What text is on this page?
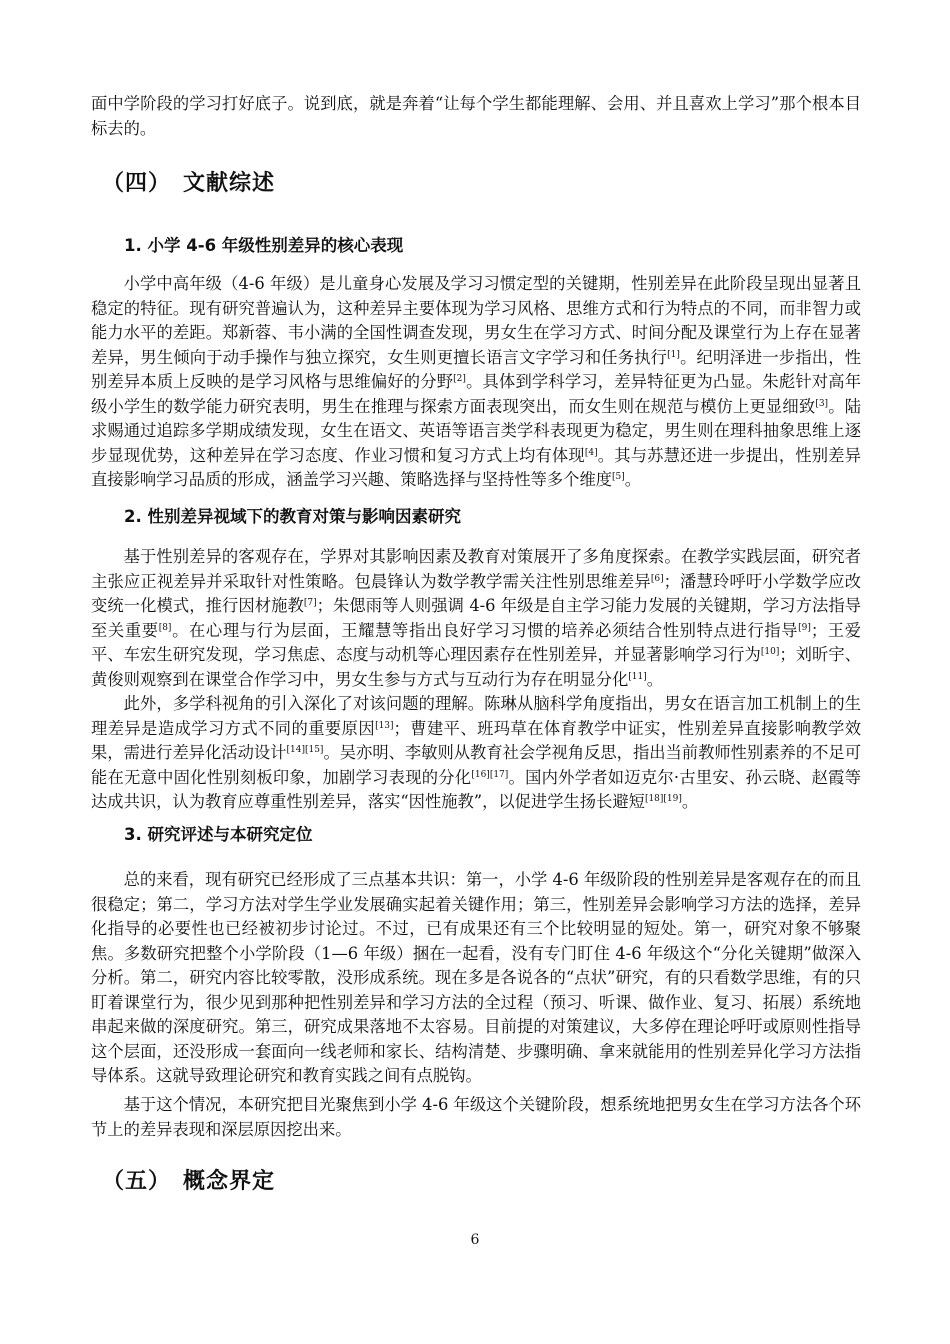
面中学阶段的学习打好底子。说到底，就是奔着“让每个学生都能理解、会用、并且喜欢上学习”那个根本目标去的。

（四） 文献综述
1. 小学 4-6 年级性别差异的核心表现

小学中高年级（4-6 年级）是儿童身心发展及学习习惯定型的关键期，性别差异在此阶段呈现出显著且稳定的特征。现有研究普遍认为，这种差异主要体现为学习风格、思维方式和行为特点的不同，而非智力或能力水平的差距。郑新蓉、韦小满的全国性调查发现，男女生在学习方式、时间分配及课堂行为上存在显著差异，男生倾向于动手操作与独立探究，女生则更擅长语言文字学习和任务执行[1]。纪明泽进一步指出，性别差异本质上反映的是学习风格与思维偏好的分野[2]。具体到学科学习，差异特征更为凸显。朱彪针对高年级小学生的数学能力研究表明，男生在推理与探索方面表现突出，而女生则在规范与模仿上更显细致[3]。陆求赐通过追踪多学期成绩发现，女生在语文、英语等语言类学科表现更为稳定，男生则在理科抽象思维上逐步显现优势，这种差异在学习态度、作业习惯和复习方式上均有体现[4]。其与苏慧还进一步提出，性别差异直接影响学习品质的形成，涵盖学习兴趣、策略选择与坚持性等多个维度[5]。

2. 性别差异视域下的教育对策与影响因素研究

基于性别差异的客观存在，学界对其影响因素及教育对策展开了多角度探索。在教学实践层面，研究者主张应正视差异并采取针对性策略。包晨锋认为数学教学需关注性别思维差异[6]；潘慧玲呼吁小学数学应改变统一化模式，推行因材施教[7]；朱偲雨等人则强调 4-6 年级是自主学习能力发展的关键期，学习方法指导至关重要[8]。在心理与行为层面，王耀慧等指出良好学习习惯的培养必须结合性别特点进行指导[9]；王爱平、车宏生研究发现，学习焦虑、态度与动机等心理因素存在性别差异，并显著影响学习行为[10]；刘昕宇、黄俊则观察到在课堂合作学习中，男女生参与方式与互动行为存在明显分化[11]。

此外，多学科视角的引入深化了对该问题的理解。陈琳从脑科学角度指出，男女在语言加工机制上的生理差异是造成学习方式不同的重要原因[13]；曹建平、班玛草在体育教学中证实，性别差异直接影响教学效果，需进行差异化活动设计[14][15]。吴亦明、李敏则从教育社会学视角反思，指出当前教师性别素养的不足可能在无意中固化性别刻板印象，加剧学习表现的分化[16][17]。国内外学者如迈克尔·古里安、孙云晓、赵霞等达成共识，认为教育应尊重性别差异，落实“因性施教”，以促进学生扬长避短[18][19]。

3. 研究评述与本研究定位

总的来看，现有研究已经形成了三点基本共识：第一，小学 4-6 年级阶段的性别差异是客观存在的而且很稳定；第二，学习方法对学生学业发展确实起着关键作用；第三，性别差异会影响学习方法的选择，差异化指导的必要性也已经被初步讨论过。不过，已有成果还有三个比较明显的短处。第一，研究对象不够聚焦。多数研究把整个小学阶段（1—6 年级）捆在一起看，没有专门盯住 4-6 年级这个“分化关键期”做深入分析。第二，研究内容比较零散，没形成系统。现在多是各说各的“点状”研究，有的只看数学思维，有的只盯着课堂行为，很少见到那种把性别差异和学习方法的全过程（预习、听课、做作业、复习、拓展）系统地串起来做的深度研究。第三，研究成果落地不太容易。目前提的对策建议，大多停在理论呼吁或原则性指导这个层面，还没形成一套面向一线老师和家长、结构清楚、步骤明确、拿来就能用的性别差异化学习方法指导体系。这就导致理论研究和教育实践之间有点脱钩。

基于这个情况，本研究把目光聚焦到小学 4-6 年级这个关键阶段，想系统地把男女生在学习方法各个环节上的差异表现和深层原因挖出来。

（五） 概念界定
6
